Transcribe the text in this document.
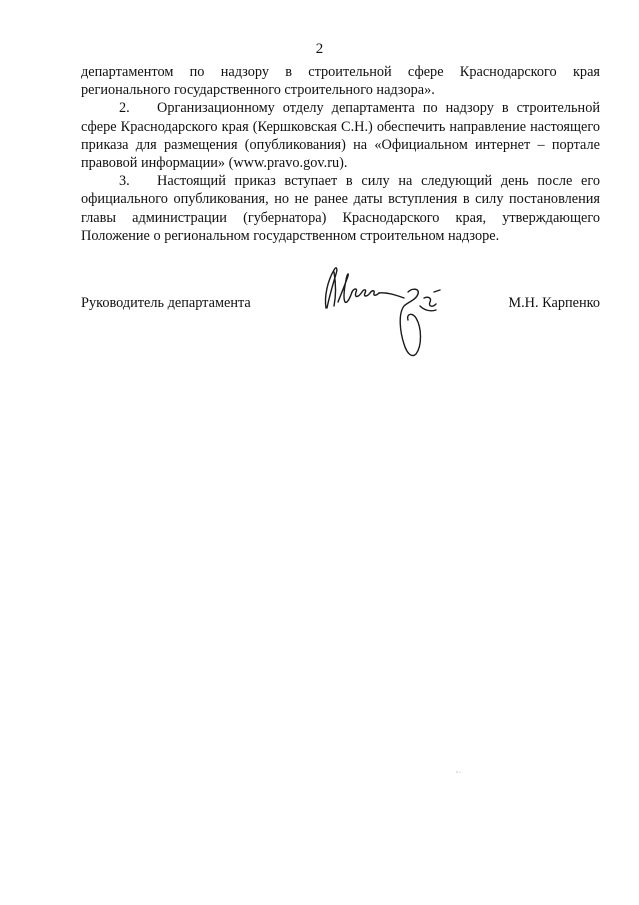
2

департаментом по надзору в строительной сфере Краснодарского края регионального государственного строительного надзора».

2. Организационному отделу департамента по надзору в строительной сфере Краснодарского края (Кершковская С.Н.) обеспечить направление настоящего приказа для размещения (опубликования) на «Официальном интернет – портале правовой информации» (www.pravo.gov.ru).

3. Настоящий приказ вступает в силу на следующий день после его официального опубликования, но не ранее даты вступления в силу постановления главы администрации (губернатора) Краснодарского края, утверждающего Положение о региональном государственном строительном надзоре.

Руководитель департамента	М.Н. Карпенко
